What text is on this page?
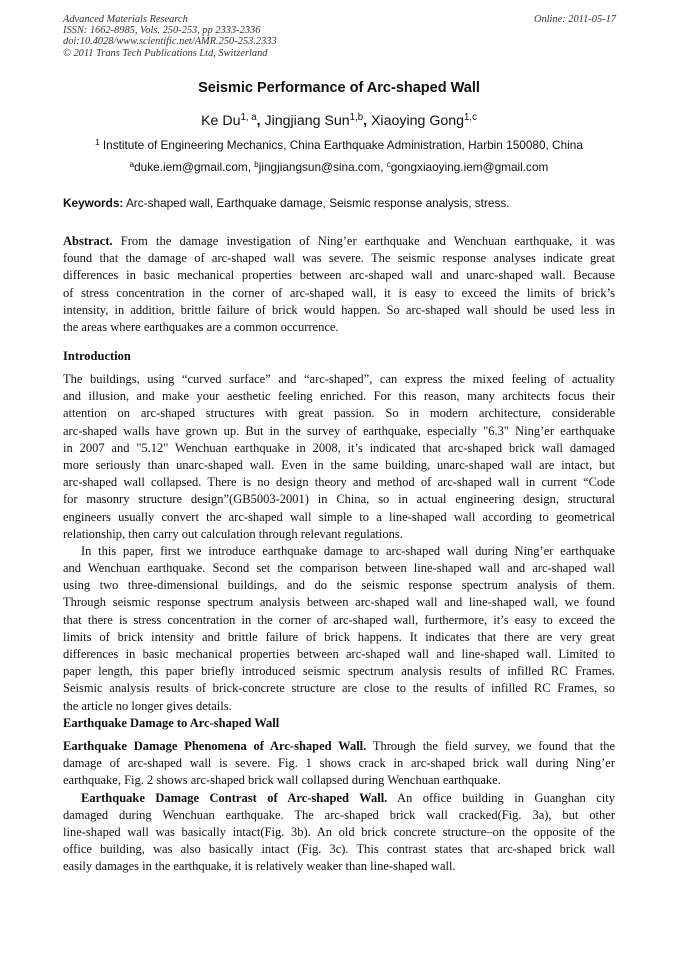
Advanced Materials Research
ISSN: 1662-8985, Vols. 250-253, pp 2333-2336
doi:10.4028/www.scientific.net/AMR.250-253.2333
© 2011 Trans Tech Publications Ltd, Switzerland
Online: 2011-05-17
Seismic Performance of Arc-shaped Wall
Ke Du$^{1, a}$, Jingjiang Sun$^{1,b}$, Xiaoying Gong$^{1,c}$
$^1$ Institute of Engineering Mechanics, China Earthquake Administration, Harbin 150080, China
$^a$duke.iem@gmail.com, $^b$jingjiangsun@sina.com, $^c$gongxiaoying.iem@gmail.com
Keywords: Arc-shaped wall, Earthquake damage, Seismic response analysis, stress.
Abstract. From the damage investigation of Ning’er earthquake and Wenchuan earthquake, it was
found that the damage of arc-shaped wall was severe. The seismic response analyses indicate great
differences in basic mechanical properties between arc-shaped wall and unarc-shaped wall. Because
of stress concentration in the corner of arc-shaped wall, it is easy to exceed the limits of brick’s
intensity, in addition, brittle failure of brick would happen. So arc-shaped wall should be used less in
the areas where earthquakes are a common occurrence.
Introduction
The buildings, using “curved surface” and “arc-shaped”, can express the mixed feeling of actuality
and illusion, and make your aesthetic feeling enriched. For this reason, many architects focus their
attention on arc-shaped structures with great passion. So in modern architecture, considerable
arc-shaped walls have grown up. But in the survey of earthquake, especially "6.3" Ning’er earthquake
in 2007 and "5.12" Wenchuan earthquake in 2008, it’s indicated that arc-shaped brick wall damaged
more seriously than unarc-shaped wall. Even in the same building, unarc-shaped wall are intact, but
arc-shaped wall collapsed. There is no design theory and method of arc-shaped wall in current “Code
for masonry structure design”(GB5003-2001) in China, so in actual engineering design, structural
engineers usually convert the arc-shaped wall simple to a line-shaped wall according to geometrical
relationship, then carry out calculation through relevant regulations.
In this paper, first we introduce earthquake damage to arc-shaped wall during Ning’er earthquake
and Wenchuan earthquake. Second set the comparison between line-shaped wall and arc-shaped wall
using two three-dimensional buildings, and do the seismic response spectrum analysis of them.
Through seismic response spectrum analysis between arc-shaped wall and line-shaped wall, we found
that there is stress concentration in the corner of arc-shaped wall, furthermore, it’s easy to exceed the
limits of brick intensity and brittle failure of brick happens. It indicates that there are very great
differences in basic mechanical properties between arc-shaped wall and line-shaped wall. Limited to
paper length, this paper briefly introduced seismic spectrum analysis results of infilled RC Frames.
Seismic analysis results of brick-concrete structure are close to the results of infilled RC Frames, so
the article no longer gives details.
Earthquake Damage to Arc-shaped Wall
Earthquake Damage Phenomena of Arc-shaped Wall. Through the field survey, we found that the
damage of arc-shaped wall is severe. Fig. 1 shows crack in arc-shaped brick wall during Ning’er
earthquake, Fig. 2 shows arc-shaped brick wall collapsed during Wenchuan earthquake.
Earthquake Damage Contrast of Arc-shaped Wall. An office building in Guanghan city
damaged during Wenchuan earthquake. The arc-shaped brick wall cracked(Fig. 3a), but other
line-shaped wall was basically intact(Fig. 3b). An old brick concrete structure–on the opposite of the
office building, was also basically intact (Fig. 3c). This contrast states that arc-shaped brick wall
easily damages in the earthquake, it is relatively weaker than line-shaped wall.
